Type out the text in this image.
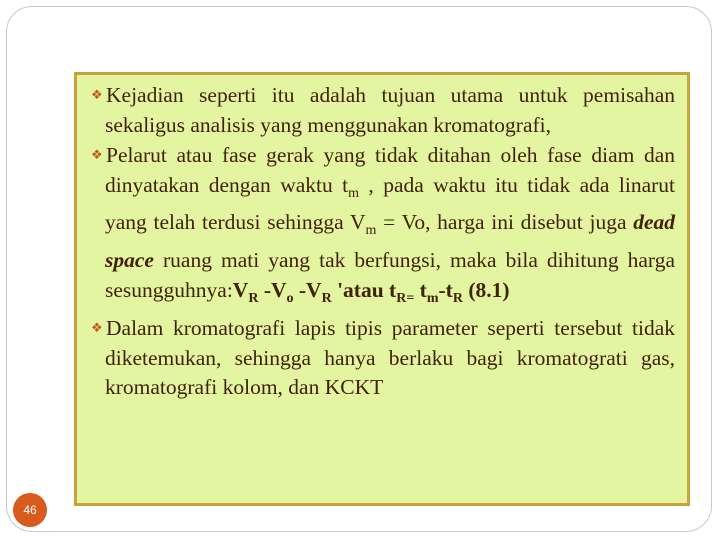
❖ Kejadian seperti itu adalah tujuan utama untuk pemisahan sekaligus analisis yang menggunakan kromatografi,
❖ Pelarut atau fase gerak yang tidak ditahan oleh fase diam dan dinyatakan dengan waktu $t_m$ , pada waktu itu tidak ada linarut yang telah terdusi sehingga $V_m = Vo$, harga ini disebut juga dead space ruang mati yang tak berfungsi, maka bila dihitung harga $sesungguhnya:V_R$ $-V_o$ $-V_R$ 'atau $t_{R=}$ $t_m-t_R$ (8.1)
❖ Dalam kromatografi lapis tipis parameter seperti tersebut tidak diketemukan, sehingga hanya berlaku bagi kromatograti gas, kromatografi kolom, dan KCKT
46
